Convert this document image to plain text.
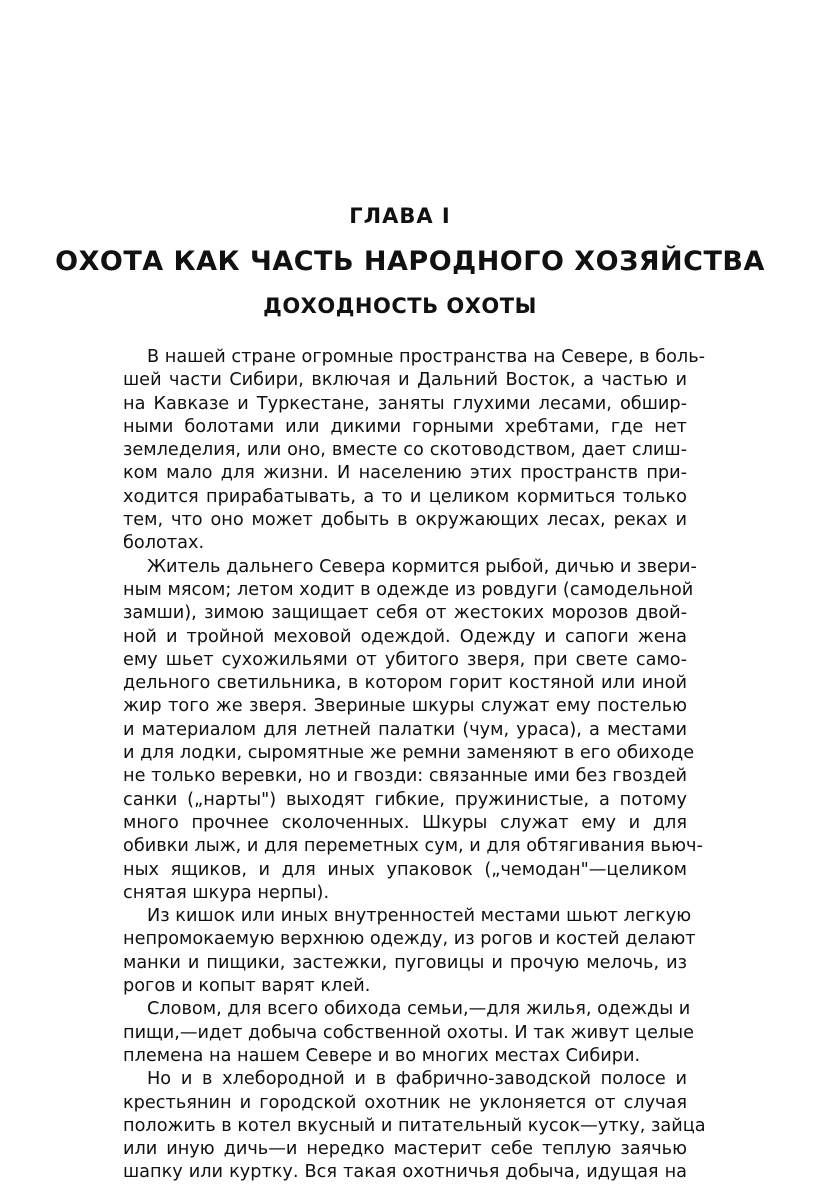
ГЛАВА I
ОХОТА КАК ЧАСТЬ НАРОДНОГО ХОЗЯЙСТВА
ДОХОДНОСТЬ ОХОТЫ
В нашей стране огромные пространства на Севере, в боль-
шей части Сибири, включая и Дальний Восток, а частью и
на Кавказе и Туркестане, заняты глухими лесами, обшир-
ными болотами или дикими горными хребтами, где нет
земледелия, или оно, вместе со скотоводством, дает слиш-
ком мало для жизни. И населению этих пространств при-
ходится прирабатывать, а то и целиком кормиться только
тем, что оно может добыть в окружающих лесах, реках и
болотах.
Житель дальнего Севера кормится рыбой, дичью и звери-
ным мясом; летом ходит в одежде из ровдуги (самодельной
замши), зимою защищает себя от жестоких морозов двой-
ной и тройной меховой одеждой. Одежду и сапоги жена
ему шьет сухожильями от убитого зверя, при свете само-
дельного светильника, в котором горит костяной или иной
жир того же зверя. Звериные шкуры служат ему постелью
и материалом для летней палатки (чум, ураса), а местами
и для лодки, сыромятные же ремни заменяют в его обиходе
не только веревки, но и гвозди: связанные ими без гвоздей
санки („нарты") выходят гибкие, пружинистые, а потому
много прочнее сколоченных. Шкуры служат ему и для
обивки лыж, и для переметных сум, и для обтягивания вьюч-
ных ящиков, и для иных упаковок („чемодан"—целиком
снятая шкура нерпы).
Из кишок или иных внутренностей местами шьют легкую
непромокаемую верхнюю одежду, из рогов и костей делают
манки и пищики, застежки, пуговицы и прочую мелочь, из
рогов и копыт варят клей.
Словом, для всего обихода семьи,—для жилья, одежды и
пищи,—идет добыча собственной охоты. И так живут целые
племена на нашем Севере и во многих местах Сибири.
Но и в хлебородной и в фабрично-заводской полосе и
крестьянин и городской охотник не уклоняется от случая
положить в котел вкусный и питательный кусок—утку, зайца
или иную дичь—и нередко мастерит себе теплую заячью
шапку или куртку. Вся такая охотничья добыча, идущая на
